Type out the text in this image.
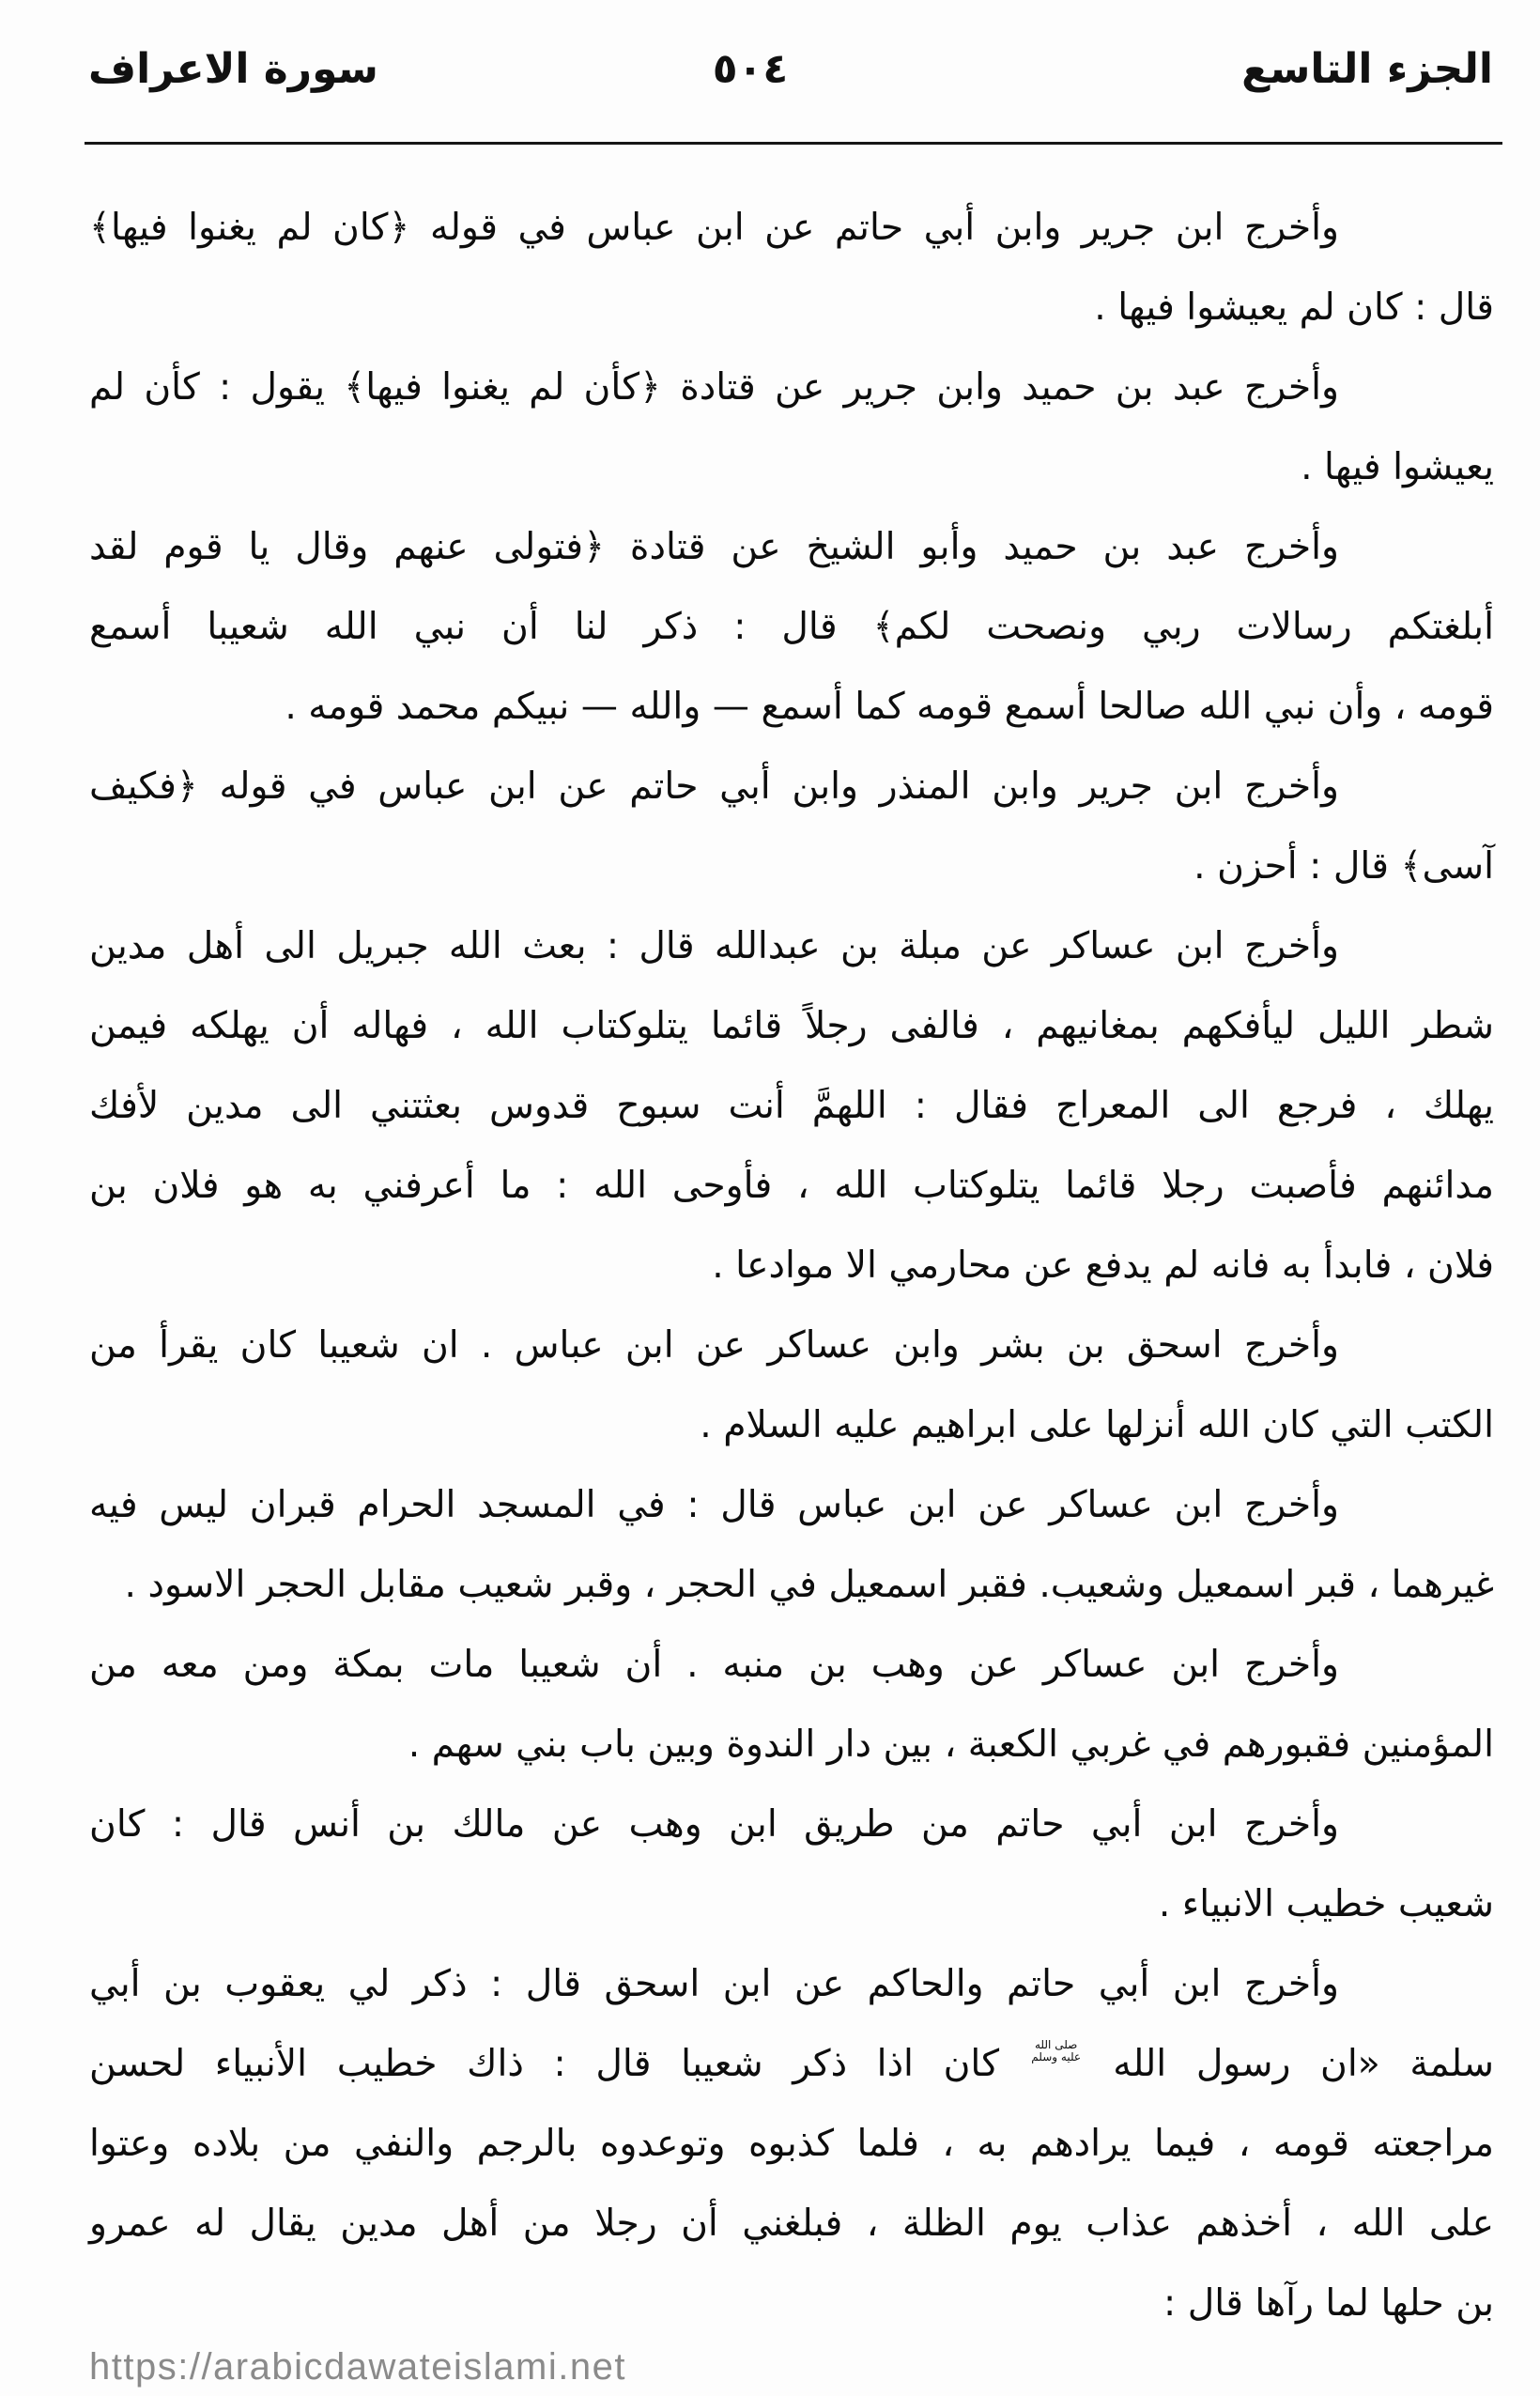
الجزء التاسع
٥٠٤
سورة الاعراف
وأخرج ابن جرير وابن أبي حاتم عن ابن عباس في قوله ﴿كان لم يغنوا فيها﴾
قال : كان لم يعيشوا فيها .
وأخرج عبد بن حميد وابن جرير عن قتادة ﴿كأن لم يغنوا فيها﴾ يقول : كأن لم
يعيشوا فيها .
وأخرج عبد بن حميد وأبو الشيخ عن قتادة ﴿فتولى عنهم وقال يا قوم لقد
أبلغتكم رسالات ربي ونصحت لكم﴾ قال : ذكر لنا أن نبي الله شعيبا أسمع
قومه ، وأن نبي الله صالحا أسمع قومه كما أسمع — والله — نبيكم محمد قومه .
وأخرج ابن جرير وابن المنذر وابن أبي حاتم عن ابن عباس في قوله ﴿فكيف
آسى﴾ قال : أحزن .
وأخرج ابن عساكر عن مبلة بن عبدالله قال : بعث الله جبريل الى أهل مدين
شطر الليل ليأفكهم بمغانيهم ، فالفى رجلاً قائما يتلوكتاب الله ، فهاله أن يهلكه فيمن
يهلك ، فرجع الى المعراج فقال : اللهمَّ أنت سبوح قدوس بعثتني الى مدين لأفك
مدائنهم فأصبت رجلا قائما يتلوكتاب الله ، فأوحى الله : ما أعرفني به هو فلان بن
فلان ، فابدأ به فانه لم يدفع عن محارمي الا موادعا .
وأخرج اسحق بن بشر وابن عساكر عن ابن عباس . ان شعيبا كان يقرأ من
الكتب التي كان الله أنزلها على ابراهيم عليه السلام .
وأخرج ابن عساكر عن ابن عباس قال : في المسجد الحرام قبران ليس فيه
غيرهما ، قبر اسمعيل وشعيب. فقبر اسمعيل في الحجر ، وقبر شعيب مقابل الحجر الاسود .
وأخرج ابن عساكر عن وهب بن منبه . أن شعيبا مات بمكة ومن معه من
المؤمنين فقبورهم في غربي الكعبة ، بين دار الندوة وبين باب بني سهم .
وأخرج ابن أبي حاتم من طريق ابن وهب عن مالك بن أنس قال : كان
شعيب خطيب الانبياء .
وأخرج ابن أبي حاتم والحاكم عن ابن اسحق قال : ذكر لي يعقوب بن أبي
سلمة «ان رسول الله صلى الله عليه وسلم كان اذا ذكر شعيبا قال : ذاك خطيب الأنبياء لحسن
مراجعته قومه ، فيما يرادهم به ، فلما كذبوه وتوعدوه بالرجم والنفي من بلاده وعتوا
على الله ، أخذهم عذاب يوم الظلة ، فبلغني أن رجلا من أهل مدين يقال له عمرو
بن حلها لما رآها قال :
https://arabicdawateislami.net
